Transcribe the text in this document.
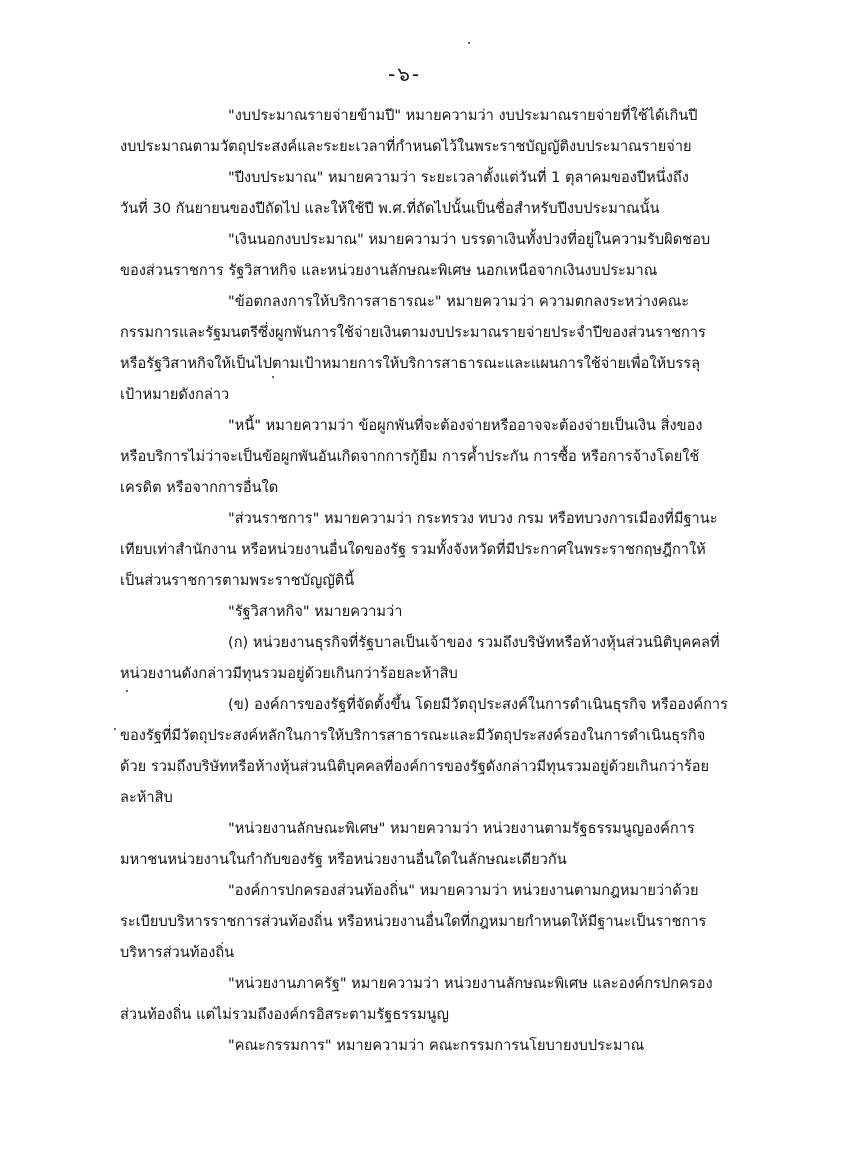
-๖-
"งบประมาณรายจ่ายข้ามปี" หมายความว่า งบประมาณรายจ่ายที่ใช้ได้เกินปี
งบประมาณตามวัตถุประสงค์และระยะเวลาที่กำหนดไว้ในพระราชบัญญัติงบประมาณรายจ่าย
"ปีงบประมาณ" หมายความว่า ระยะเวลาตั้งแต่วันที่ 1 ตุลาคมของปีหนึ่งถึง
วันที่ 30 กันยายนของปีถัดไป และให้ใช้ปี พ.ศ.ที่ถัดไปนั้นเป็นชื่อสำหรับปีงบประมาณนั้น
"เงินนอกงบประมาณ" หมายความว่า บรรดาเงินทั้งปวงที่อยู่ในความรับผิดชอบ
ของส่วนราชการ รัฐวิสาหกิจ และหน่วยงานลักษณะพิเศษ นอกเหนือจากเงินงบประมาณ
"ข้อตกลงการให้บริการสาธารณะ" หมายความว่า ความตกลงระหว่างคณะ
กรรมการและรัฐมนตรีซึ่งผูกพันการใช้จ่ายเงินตามงบประมาณรายจ่ายประจำปีของส่วนราชการ
หรือรัฐวิสาหกิจให้เป็นไปตามเป้าหมายการให้บริการสาธารณะและแผนการใช้จ่ายเพื่อให้บรรลุ
เป้าหมายดังกล่าว
"หนี้" หมายความว่า ข้อผูกพันที่จะต้องจ่ายหรืออาจจะต้องจ่ายเป็นเงิน สิ่งของ
หรือบริการไม่ว่าจะเป็นข้อผูกพันอันเกิดจากการกู้ยืม การค้ำประกัน การซื้อ หรือการจ้างโดยใช้
เครดิต หรือจากการอื่นใด
"ส่วนราชการ" หมายความว่า กระทรวง ทบวง กรม หรือทบวงการเมืองที่มีฐานะ
เทียบเท่าสำนักงาน หรือหน่วยงานอื่นใดของรัฐ รวมทั้งจังหวัดที่มีประกาศในพระราชกฤษฎีกาให้
เป็นส่วนราชการตามพระราชบัญญัตินี้
"รัฐวิสาหกิจ" หมายความว่า
(ก) หน่วยงานธุรกิจที่รัฐบาลเป็นเจ้าของ รวมถึงบริษัทหรือห้างหุ้นส่วนนิติบุคคลที่
หน่วยงานดังกล่าวมีทุนรวมอยู่ด้วยเกินกว่าร้อยละห้าสิบ
(ข) องค์การของรัฐที่จัดตั้งขึ้น โดยมีวัตถุประสงค์ในการดำเนินธุรกิจ หรือองค์การ
ของรัฐที่มีวัตถุประสงค์หลักในการให้บริการสาธารณะและมีวัตถุประสงค์รองในการดำเนินธุรกิจ
ด้วย รวมถึงบริษัทหรือห้างหุ้นส่วนนิติบุคคลที่องค์การของรัฐดังกล่าวมีทุนรวมอยู่ด้วยเกินกว่าร้อย
ละห้าสิบ
"หน่วยงานลักษณะพิเศษ" หมายความว่า หน่วยงานตามรัฐธรรมนูญองค์การ
มหาชนหน่วยงานในกำกับของรัฐ หรือหน่วยงานอื่นใดในลักษณะเดียวกัน
"องค์การปกครองส่วนท้องถิ่น" หมายความว่า หน่วยงานตามกฎหมายว่าด้วย
ระเบียบบริหารราชการส่วนท้องถิ่น หรือหน่วยงานอื่นใดที่กฎหมายกำหนดให้มีฐานะเป็นราชการ
บริหารส่วนท้องถิ่น
"หน่วยงานภาครัฐ" หมายความว่า หน่วยงานลักษณะพิเศษ และองค์กรปกครอง
ส่วนท้องถิ่น แต่ไม่รวมถึงองค์กรอิสระตามรัฐธรรมนูญ
"คณะกรรมการ" หมายความว่า คณะกรรมการนโยบายงบประมาณ
